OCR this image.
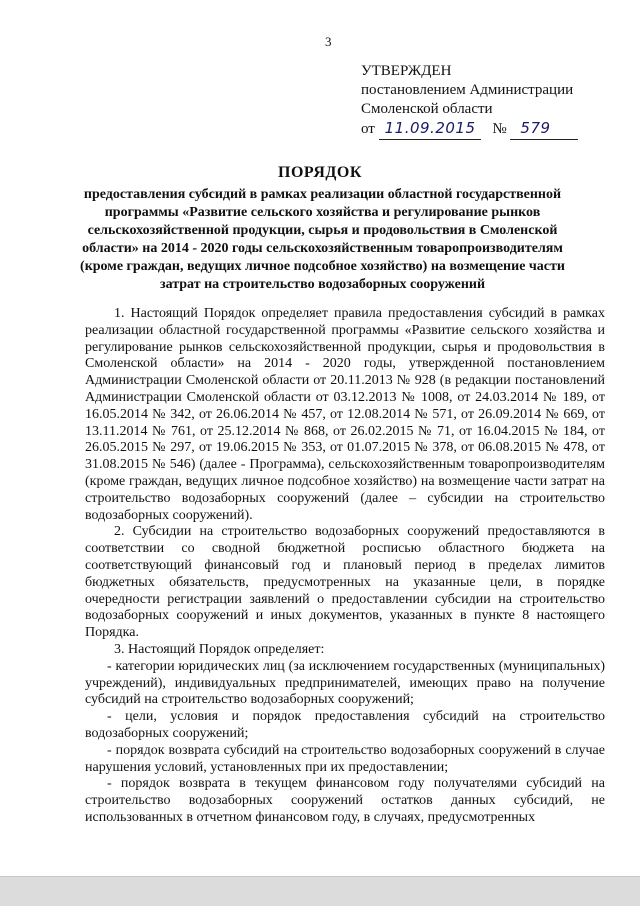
3
УТВЕРЖДЕН
постановлением Администрации
Смоленской области
от 11.09.2015 № 579
ПОРЯДОК
предоставления субсидий в рамках реализации областной государственной программы «Развитие сельского хозяйства и регулирование рынков сельскохозяйственной продукции, сырья и продовольствия в Смоленской области» на 2014 - 2020 годы сельскохозяйственным товаропроизводителям (кроме граждан, ведущих личное подсобное хозяйство) на возмещение части затрат на строительство водозаборных сооружений

1. Настоящий Порядок определяет правила предоставления субсидий в рамках реализации областной государственной программы «Развитие сельского хозяйства и регулирование рынков сельскохозяйственной продукции, сырья и продовольствия в Смоленской области» на 2014 - 2020 годы, утвержденной постановлением Администрации Смоленской области от 20.11.2013 № 928 (в редакции постановлений Администрации Смоленской области от 03.12.2013 № 1008, от 24.03.2014 № 189, от 16.05.2014 № 342, от 26.06.2014 № 457, от 12.08.2014 № 571, от 26.09.2014 № 669, от 13.11.2014 № 761, от 25.12.2014 № 868, от 26.02.2015 № 71, от 16.04.2015 № 184, от 26.05.2015 № 297, от 19.06.2015 № 353, от 01.07.2015 № 378, от 06.08.2015 № 478, от 31.08.2015 № 546) (далее - Программа), сельскохозяйственным товаропроизводителям (кроме граждан, ведущих личное подсобное хозяйство) на возмещение части затрат на строительство водозаборных сооружений (далее – субсидии на строительство водозаборных сооружений).

2. Субсидии на строительство водозаборных сооружений предоставляются в соответствии со сводной бюджетной росписью областного бюджета на соответствующий финансовый год и плановый период в пределах лимитов бюджетных обязательств, предусмотренных на указанные цели, в порядке очередности регистрации заявлений о предоставлении субсидии на строительство водозаборных сооружений и иных документов, указанных в пункте 8 настоящего Порядка.

3. Настоящий Порядок определяет:

- категории юридических лиц (за исключением государственных (муниципальных) учреждений), индивидуальных предпринимателей, имеющих право на получение субсидий на строительство водозаборных сооружений;

- цели, условия и порядок предоставления субсидий на строительство водозаборных сооружений;

- порядок возврата субсидий на строительство водозаборных сооружений в случае нарушения условий, установленных при их предоставлении;

- порядок возврата в текущем финансовом году получателями субсидий на строительство водозаборных сооружений остатков данных субсидий, не использованных в отчетном финансовом году, в случаях, предусмотренных
